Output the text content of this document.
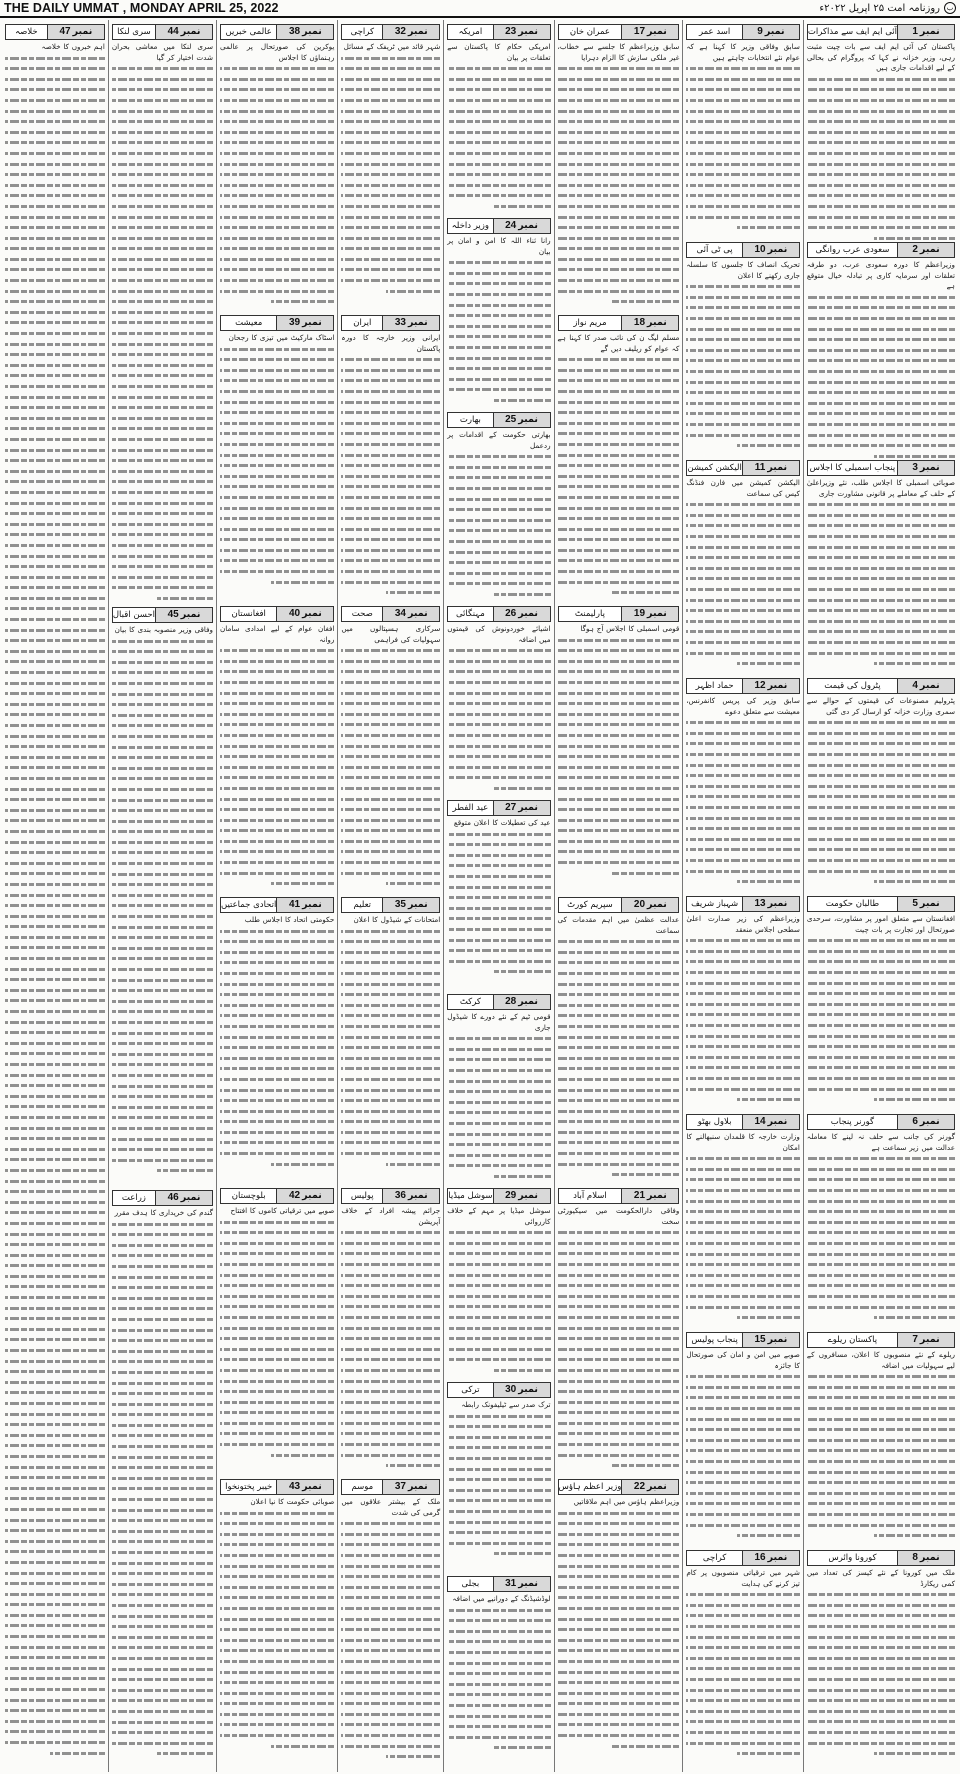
THE DAILY UMMAT , MONDAY APRIL 25, 2022	ب
روزنامہ امت ۲۵ اپریل ۲۰۲۲ء
نمبر
1
آئی ایم ایف سے مذاکرات
پاکستان کی آئی ایم ایف سے بات چیت مثبت رہی، وزیر خزانہ نے کہا کہ پروگرام کی بحالی کے لیے اقدامات جاری ہیں
نمبر
2
سعودی عرب روانگی
وزیراعظم کا دورہ سعودی عرب، دو طرفہ تعلقات اور سرمایہ کاری پر تبادلہ خیال متوقع ہے
نمبر
3
پنجاب اسمبلی کا اجلاس
صوبائی اسمبلی کا اجلاس طلب، نئے وزیراعلیٰ کے حلف کے معاملے پر قانونی مشاورت جاری
نمبر
4
پٹرول کی قیمت
پٹرولیم مصنوعات کی قیمتوں کے حوالے سے سمری وزارت خزانہ کو ارسال کر دی گئی
نمبر
5
طالبان حکومت
افغانستان سے متعلق امور پر مشاورت، سرحدی صورتحال اور تجارت پر بات چیت
نمبر
6
گورنر پنجاب
گورنر کی جانب سے حلف نہ لینے کا معاملہ عدالت میں زیر سماعت ہے
نمبر
7
پاکستان ریلوے
ریلوے کے نئے منصوبوں کا اعلان، مسافروں کے لیے سہولیات میں اضافہ
نمبر
8
کورونا وائرس
ملک میں کورونا کے نئے کیسز کی تعداد میں کمی ریکارڈ
نمبر
9
اسد عمر
سابق وفاقی وزیر کا کہنا ہے کہ عوام نئے انتخابات چاہتے ہیں
نمبر
10
پی ٹی آئی
تحریک انصاف کا جلسوں کا سلسلہ جاری رکھنے کا اعلان
نمبر
11
الیکشن کمیشن
الیکشن کمیشن میں فارن فنڈنگ کیس کی سماعت
نمبر
12
حماد اظہر
سابق وزیر کی پریس کانفرنس، معیشت سے متعلق دعوے
نمبر
13
شہباز شریف
وزیراعظم کی زیر صدارت اعلیٰ سطحی اجلاس منعقد
نمبر
14
بلاول بھٹو
وزارت خارجہ کا قلمدان سنبھالنے کا امکان
نمبر
15
پنجاب پولیس
صوبے میں امن و امان کی صورتحال کا جائزہ
نمبر
16
کراچی
شہر میں ترقیاتی منصوبوں پر کام تیز کرنے کی ہدایت
نمبر
17
عمران خان
سابق وزیراعظم کا جلسے سے خطاب، غیر ملکی سازش کا الزام دہرایا
نمبر
18
مریم نواز
مسلم لیگ ن کی نائب صدر کا کہنا ہے کہ عوام کو ریلیف دیں گے
نمبر
19
پارلیمنٹ
قومی اسمبلی کا اجلاس آج ہوگا
نمبر
20
سپریم کورٹ
عدالت عظمیٰ میں اہم مقدمات کی سماعت
نمبر
21
اسلام آباد
وفاقی دارالحکومت میں سیکیورٹی سخت
نمبر
22
وزیر اعظم ہاؤس
وزیراعظم ہاؤس میں اہم ملاقاتیں
نمبر
23
امریکہ
امریکی حکام کا پاکستان سے تعلقات پر بیان
نمبر
24
وزیر داخلہ
رانا ثناء اللہ کا امن و امان پر بیان
نمبر
25
بھارت
بھارتی حکومت کے اقدامات پر ردعمل
نمبر
26
مہنگائی
اشیائے خوردونوش کی قیمتوں میں اضافہ
نمبر
27
عید الفطر
عید کی تعطیلات کا اعلان متوقع
نمبر
28
کرکٹ
قومی ٹیم کے نئے دورے کا شیڈول جاری
نمبر
29
سوشل میڈیا
سوشل میڈیا پر مہم کے خلاف کارروائی
نمبر
30
ترکی
ترک صدر سے ٹیلیفونک رابطہ
نمبر
31
بجلی
لوڈشیڈنگ کے دورانیے میں اضافہ
نمبر
32
کراچی
شہر قائد میں ٹریفک کے مسائل
نمبر
33
ایران
ایرانی وزیر خارجہ کا دورہ پاکستان
نمبر
34
صحت
سرکاری ہسپتالوں میں سہولیات کی فراہمی
نمبر
35
تعلیم
امتحانات کے شیڈول کا اعلان
نمبر
36
پولیس
جرائم پیشہ افراد کے خلاف آپریشن
نمبر
37
موسم
ملک کے بیشتر علاقوں میں گرمی کی شدت
نمبر
38
عالمی خبریں
یوکرین کی صورتحال پر عالمی رہنماؤں کا اجلاس
نمبر
39
معیشت
اسٹاک مارکیٹ میں تیزی کا رجحان
نمبر
40
افغانستان
افغان عوام کے لیے امدادی سامان روانہ
نمبر
41
اتحادی جماعتیں
حکومتی اتحاد کا اجلاس طلب
نمبر
42
بلوچستان
صوبے میں ترقیاتی کاموں کا افتتاح
نمبر
43
خیبر پختونخوا
صوبائی حکومت کا نیا اعلان
نمبر
44
سری لنکا
سری لنکا میں معاشی بحران شدت اختیار کر گیا
نمبر
45
احسن اقبال
وفاقی وزیر منصوبہ بندی کا بیان
نمبر
46
زراعت
گندم کی خریداری کا ہدف مقرر
نمبر
47
خلاصہ
اہم خبروں کا خلاصہ
